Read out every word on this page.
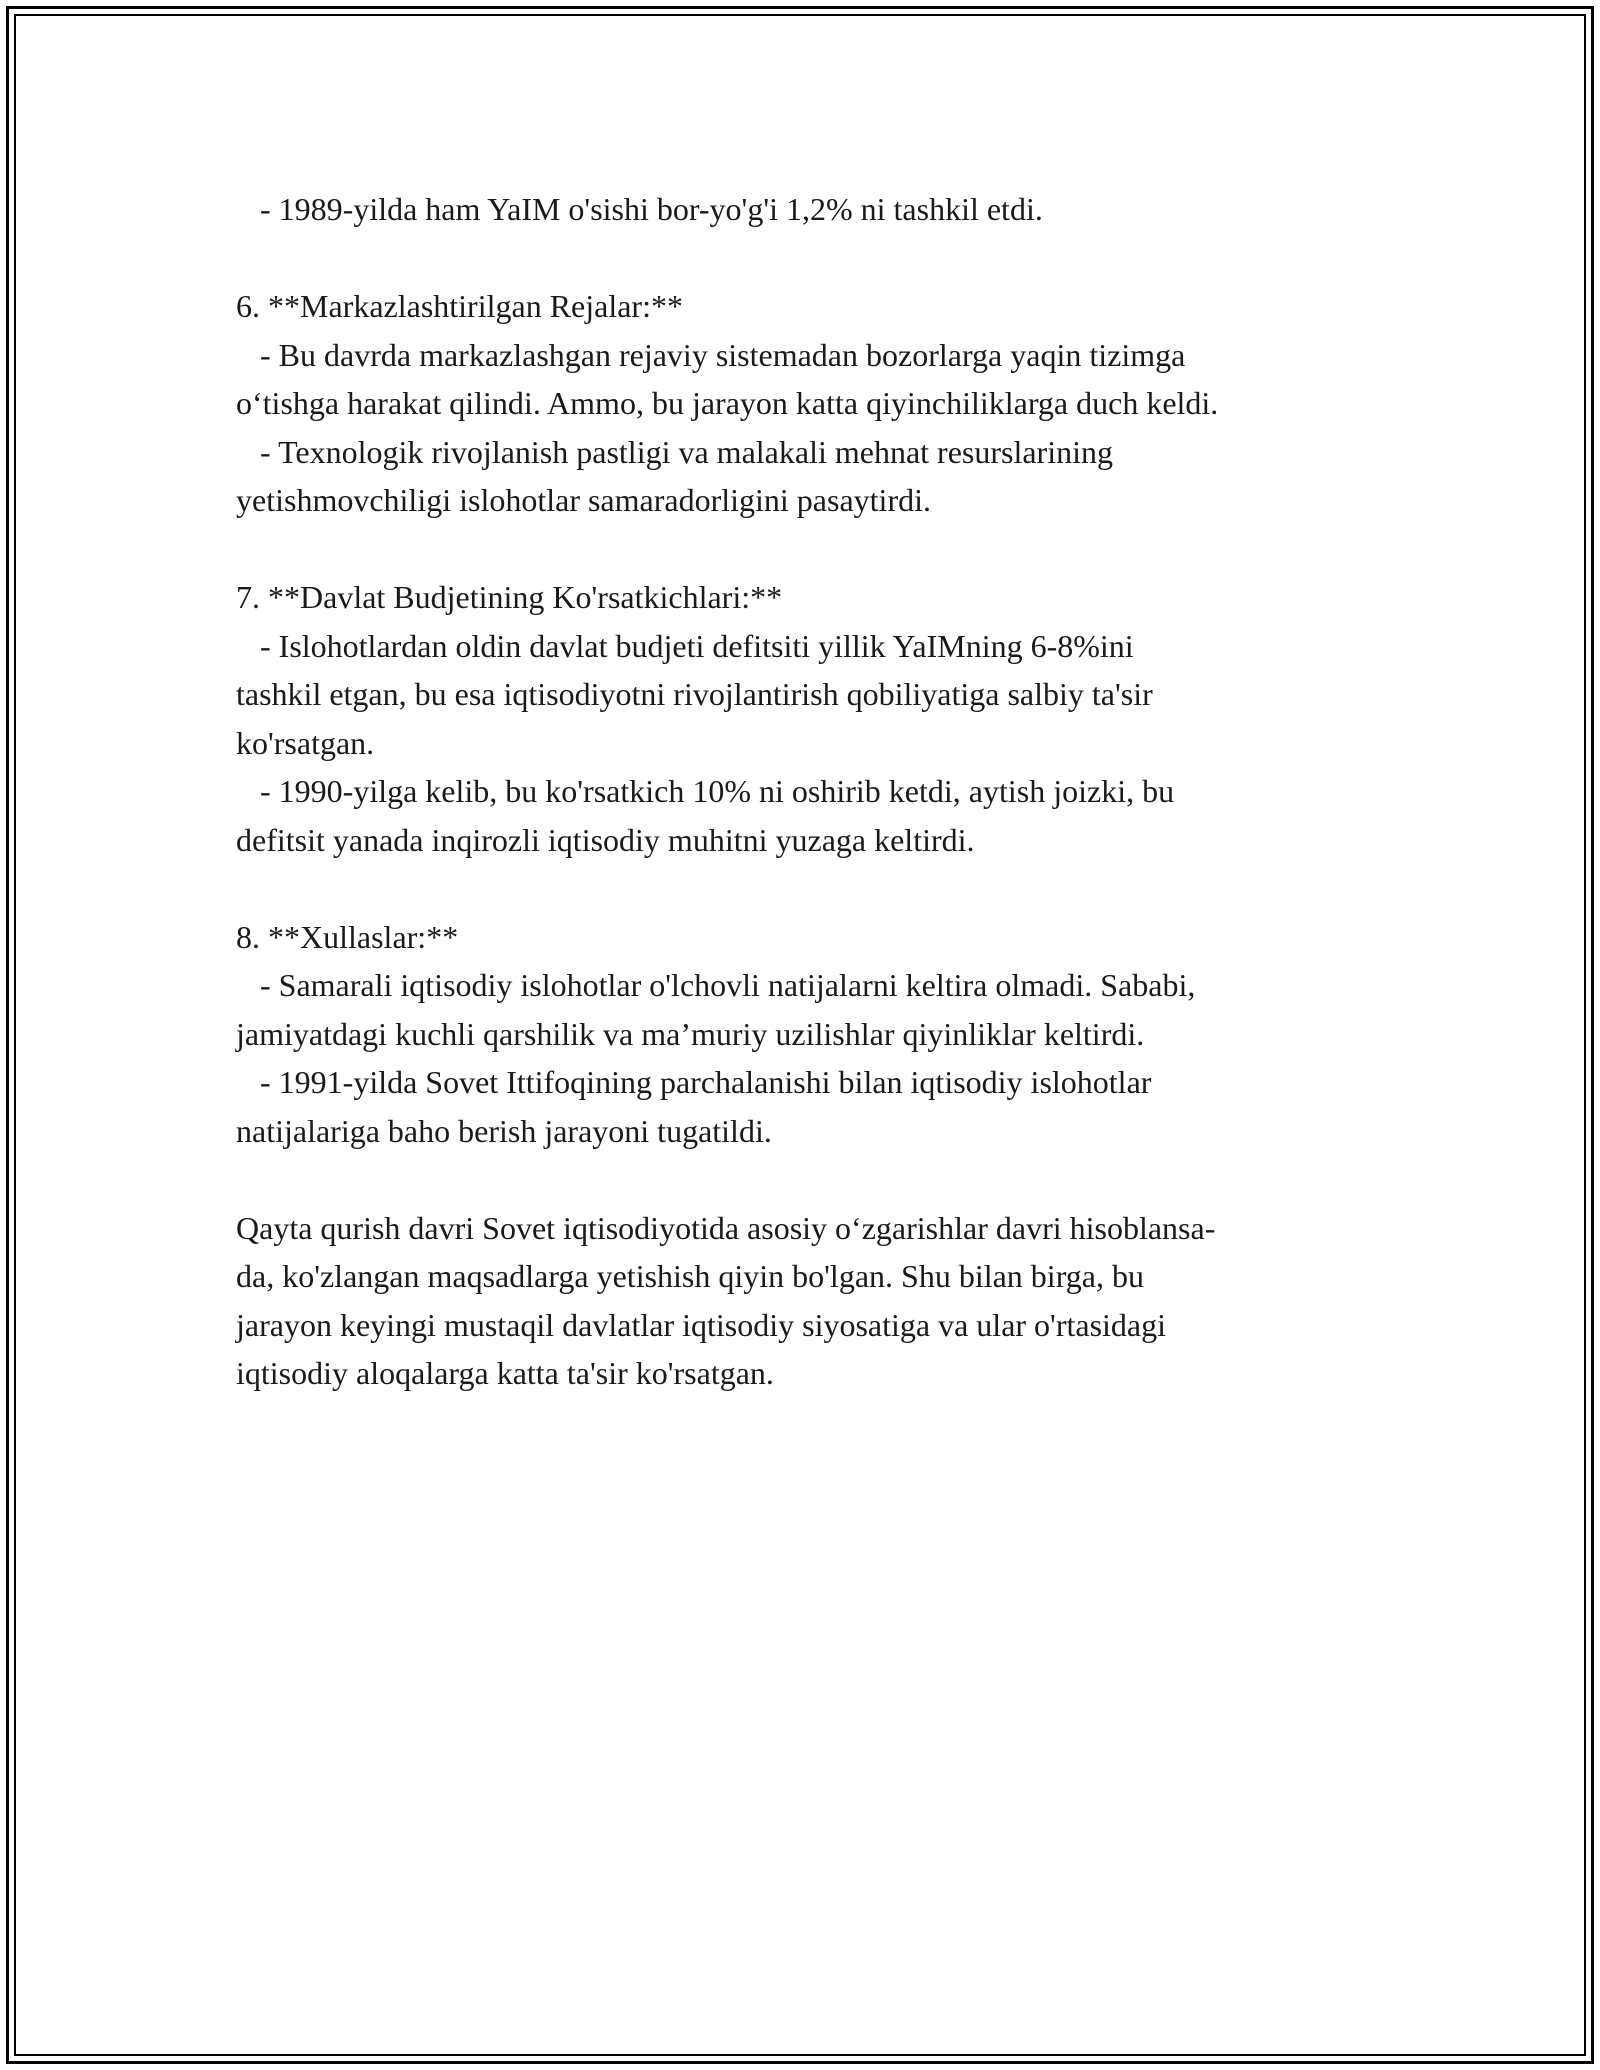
- 1989-yilda ham YaIM o'sishi bor-yo'g'i 1,2% ni tashkil etdi.
6. **Markazlashtirilgan Rejalar:**
- Bu davrda markazlashgan rejaviy sistemadan bozorlarga yaqin tizimga
o‘tishga harakat qilindi. Ammo, bu jarayon katta qiyinchiliklarga duch keldi.
- Texnologik rivojlanish pastligi va malakali mehnat resurslarining
yetishmovchiligi islohotlar samaradorligini pasaytirdi.
7. **Davlat Budjetining Ko'rsatkichlari:**
- Islohotlardan oldin davlat budjeti defitsiti yillik YaIMning 6-8%ini
tashkil etgan, bu esa iqtisodiyotni rivojlantirish qobiliyatiga salbiy ta'sir
ko'rsatgan.
- 1990-yilga kelib, bu ko'rsatkich 10% ni oshirib ketdi, aytish joizki, bu
defitsit yanada inqirozli iqtisodiy muhitni yuzaga keltirdi.
8. **Xullaslar:**
- Samarali iqtisodiy islohotlar o'lchovli natijalarni keltira olmadi. Sababi,
jamiyatdagi kuchli qarshilik va ma’muriy uzilishlar qiyinliklar keltirdi.
- 1991-yilda Sovet Ittifoqining parchalanishi bilan iqtisodiy islohotlar
natijalariga baho berish jarayoni tugatildi.
Qayta qurish davri Sovet iqtisodiyotida asosiy o‘zgarishlar davri hisoblansa-
da, ko'zlangan maqsadlarga yetishish qiyin bo'lgan. Shu bilan birga, bu
jarayon keyingi mustaqil davlatlar iqtisodiy siyosatiga va ular o'rtasidagi
iqtisodiy aloqalarga katta ta'sir ko'rsatgan.
